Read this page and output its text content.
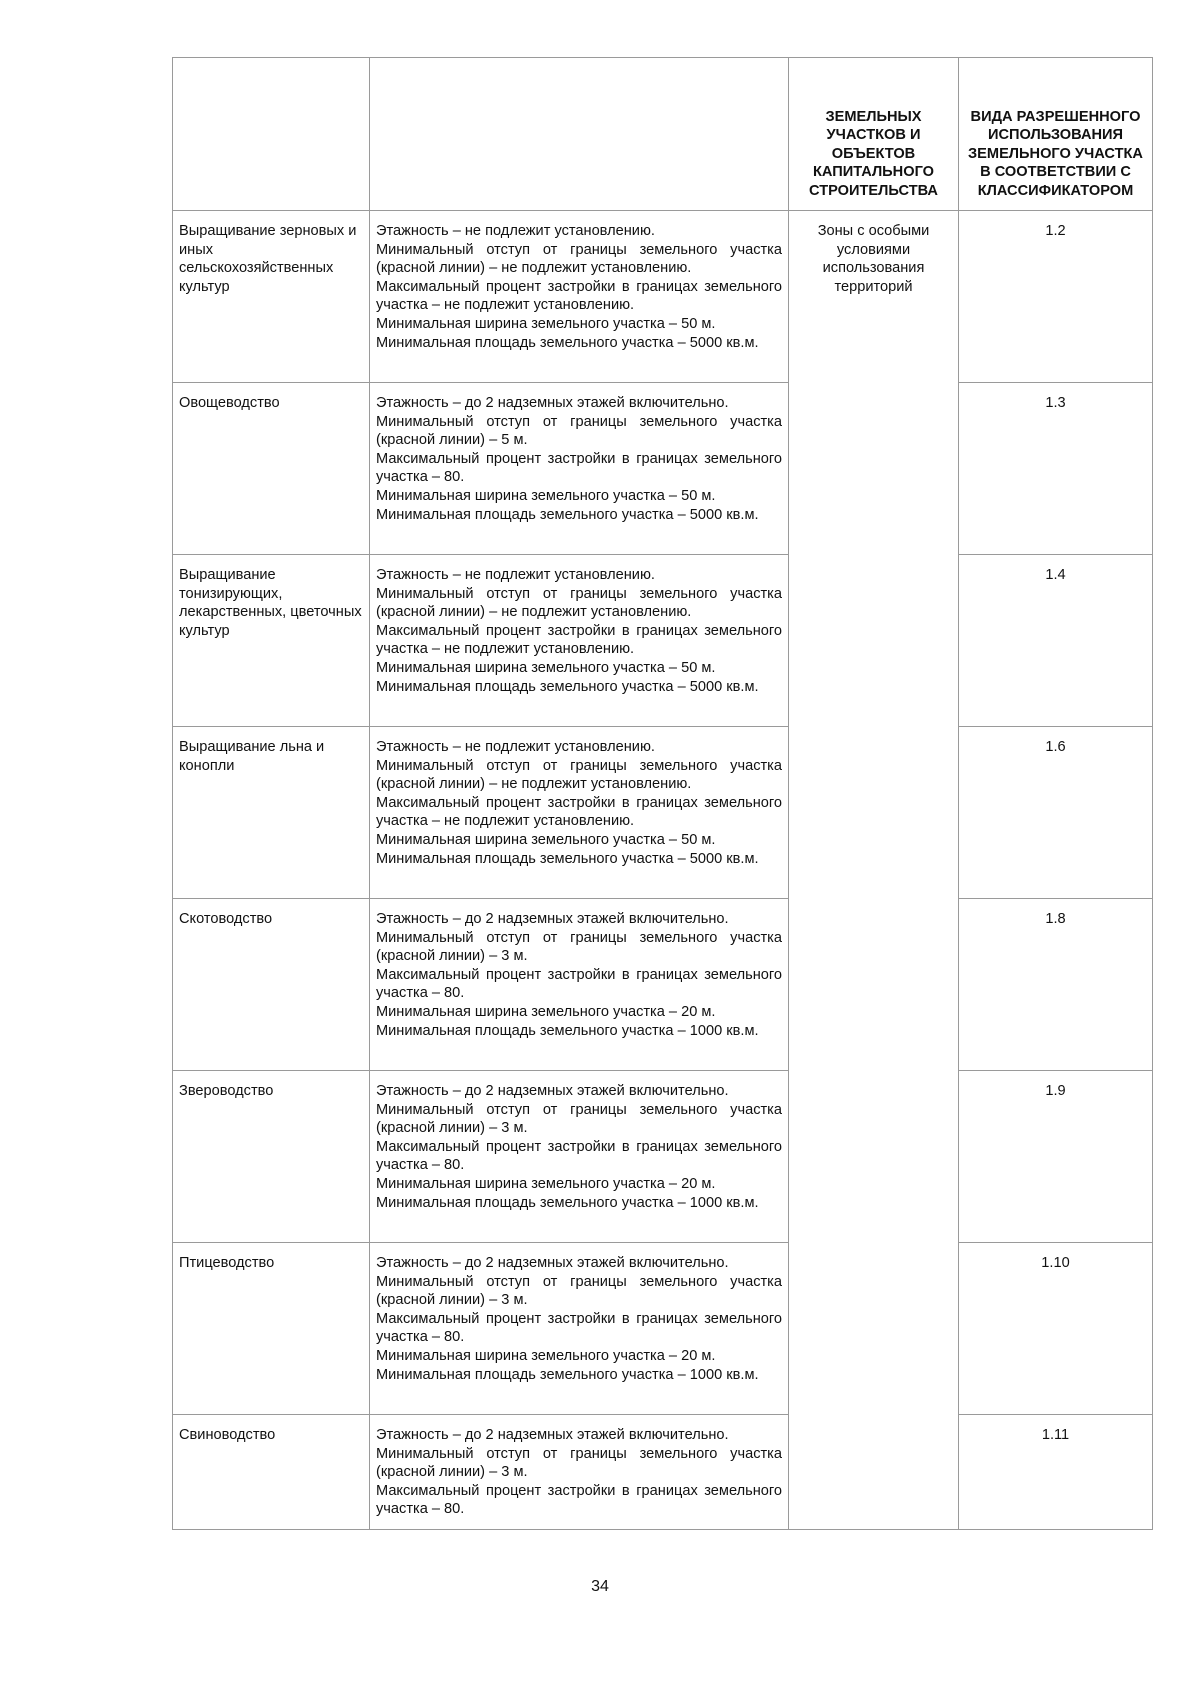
		ЗЕМЕЛЬНЫХ УЧАСТКОВ И ОБЪЕКТОВ КАПИТАЛЬНОГО СТРОИТЕЛЬСТВА	ВИДА РАЗРЕШЕННОГО ИСПОЛЬЗОВАНИЯ ЗЕМЕЛЬНОГО УЧАСТКА В СООТВЕТСТВИИ С КЛАССИФИКАТОРОМ
Выращивание зерновых и иных сельскохозяйственных культур	Этажность – не подлежит установлению.
Минимальный отступ от границы земельного участка (красной линии) – не подлежит установлению.
Максимальный процент застройки в границах земельного участка – не подлежит установлению.
Минимальная ширина земельного участка – 50 м.
Минимальная площадь земельного участка – 5000 кв.м.	Зоны с особыми условиями использования территорий	1.2
Овощеводство	Этажность – до 2 надземных этажей включительно.
Минимальный отступ от границы земельного участка (красной линии) – 5 м.
Максимальный процент застройки в границах земельного участка – 80.
Минимальная ширина земельного участка – 50 м.
Минимальная площадь земельного участка – 5000 кв.м.		1.3
Выращивание тонизирующих, лекарственных, цветочных культур	Этажность – не подлежит установлению.
Минимальный отступ от границы земельного участка (красной линии) – не подлежит установлению.
Максимальный процент застройки в границах земельного участка – не подлежит установлению.
Минимальная ширина земельного участка – 50 м.
Минимальная площадь земельного участка – 5000 кв.м.		1.4
Выращивание льна и конопли	Этажность – не подлежит установлению.
Минимальный отступ от границы земельного участка (красной линии) – не подлежит установлению.
Максимальный процент застройки в границах земельного участка – не подлежит установлению.
Минимальная ширина земельного участка – 50 м.
Минимальная площадь земельного участка – 5000 кв.м.		1.6
Скотоводство	Этажность – до 2 надземных этажей включительно.
Минимальный отступ от границы земельного участка (красной линии) – 3 м.
Максимальный процент застройки в границах земельного участка – 80.
Минимальная ширина земельного участка – 20 м.
Минимальная площадь земельного участка – 1000 кв.м.		1.8
Звероводство	Этажность – до 2 надземных этажей включительно.
Минимальный отступ от границы земельного участка (красной линии) – 3 м.
Максимальный процент застройки в границах земельного участка – 80.
Минимальная ширина земельного участка – 20 м.
Минимальная площадь земельного участка – 1000 кв.м.		1.9
Птицеводство	Этажность – до 2 надземных этажей включительно.
Минимальный отступ от границы земельного участка (красной линии) – 3 м.
Максимальный процент застройки в границах земельного участка – 80.
Минимальная ширина земельного участка – 20 м.
Минимальная площадь земельного участка – 1000 кв.м.		1.10
Свиноводство	Этажность – до 2 надземных этажей включительно.
Минимальный отступ от границы земельного участка (красной линии) – 3 м.
Максимальный процент застройки в границах земельного участка – 80.		1.11
34
